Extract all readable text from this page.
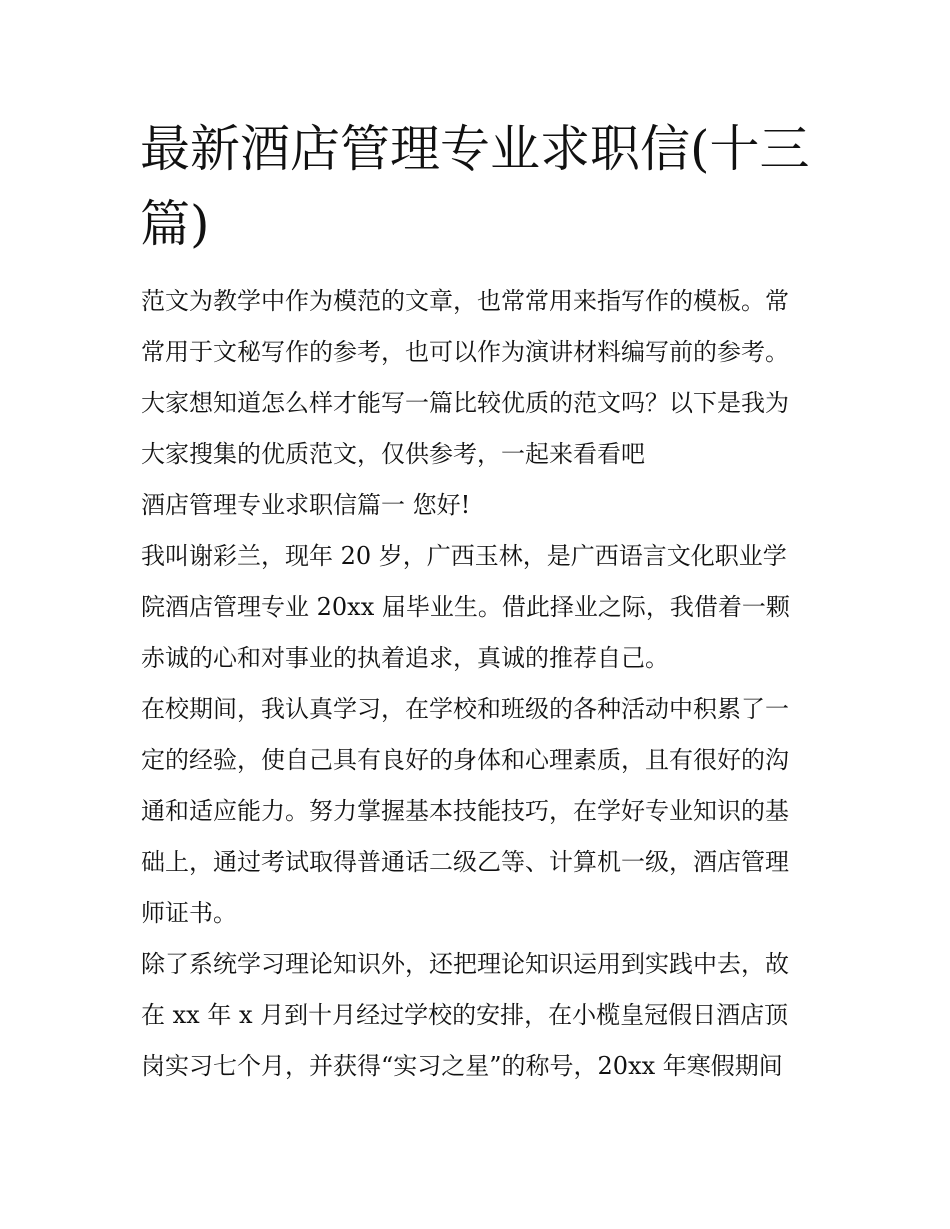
最新酒店管理专业求职信(十三
篇)
范文为教学中作为模范的文章，也常常用来指写作的模板。常
常用于文秘写作的参考，也可以作为演讲材料编写前的参考。
大家想知道怎么样才能写一篇比较优质的范文吗？以下是我为
大家搜集的优质范文，仅供参考，一起来看看吧
酒店管理专业求职信篇一 您好!
我叫谢彩兰，现年 20 岁，广西玉林，是广西语言文化职业学
院酒店管理专业 20xx 届毕业生。借此择业之际，我借着一颗
赤诚的心和对事业的执着追求，真诚的推荐自己。
在校期间，我认真学习，在学校和班级的各种活动中积累了一
定的经验，使自己具有良好的身体和心理素质，且有很好的沟
通和适应能力。努力掌握基本技能技巧，在学好专业知识的基
础上，通过考试取得普通话二级乙等、计算机一级，酒店管理
师证书。
除了系统学习理论知识外，还把理论知识运用到实践中去，故
在 xx 年 x 月到十月经过学校的安排，在小榄皇冠假日酒店顶
岗实习七个月，并获得“实习之星”的称号，20xx 年寒假期间
